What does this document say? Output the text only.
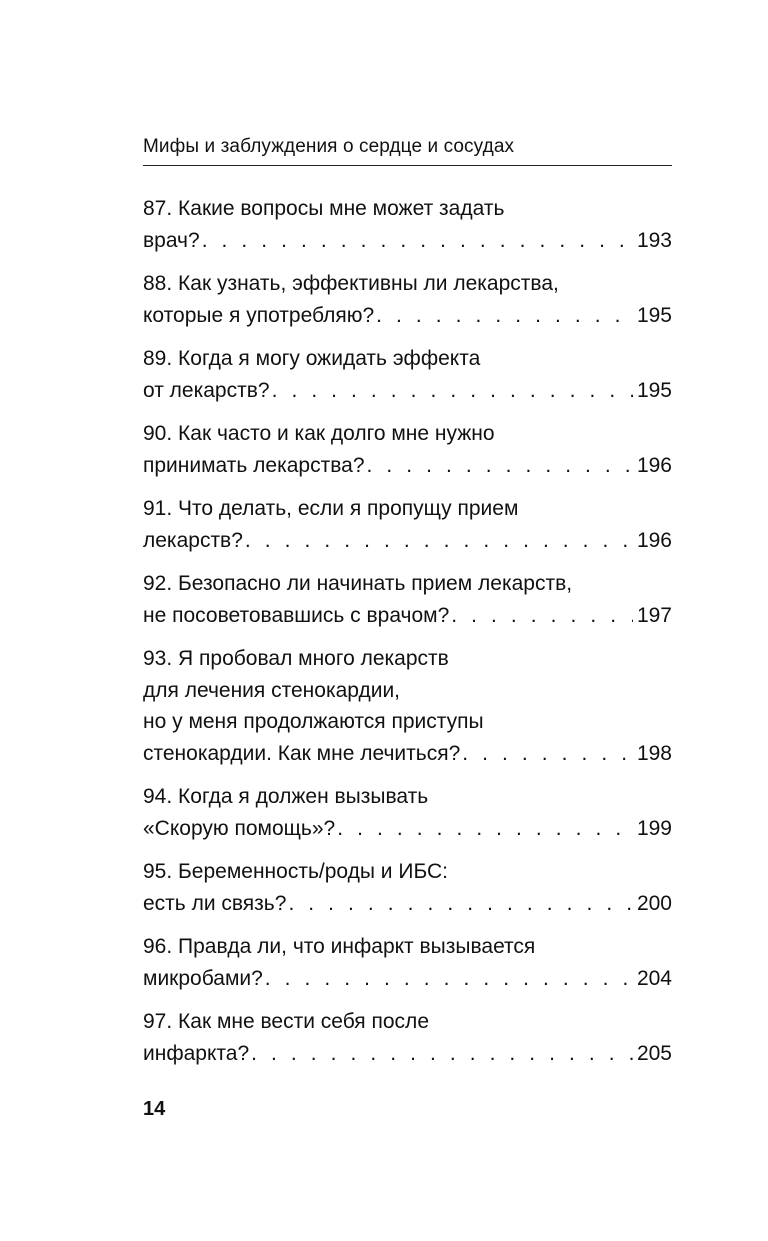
Мифы и заблуждения о сердце и сосудах
87. Какие вопросы мне может задать
врач? . . .	193
88. Как узнать, эффективны ли лекарства,
которые я употребляю? . . .	195
89. Когда я могу ожидать эффекта
от лекарств? . . .	195
90. Как часто и как долго мне нужно
принимать лекарства? . . .	196
91. Что делать, если я пропущу прием
лекарств? . . .	196
92. Безопасно ли начинать прием лекарств,
не посоветовавшись с врачом? . . .	197
93. Я пробовал много лекарств
для лечения стенокардии,
но у меня продолжаются приступы
стенокардии. Как мне лечиться? . . .	198
94. Когда я должен вызывать
«Скорую помощь»? . . .	199
95. Беременность/роды и ИБС:
есть ли связь? . . .	200
96. Правда ли, что инфаркт вызывается
микробами? . . .	204
97. Как мне вести себя после
инфаркта? . . .	205
14
